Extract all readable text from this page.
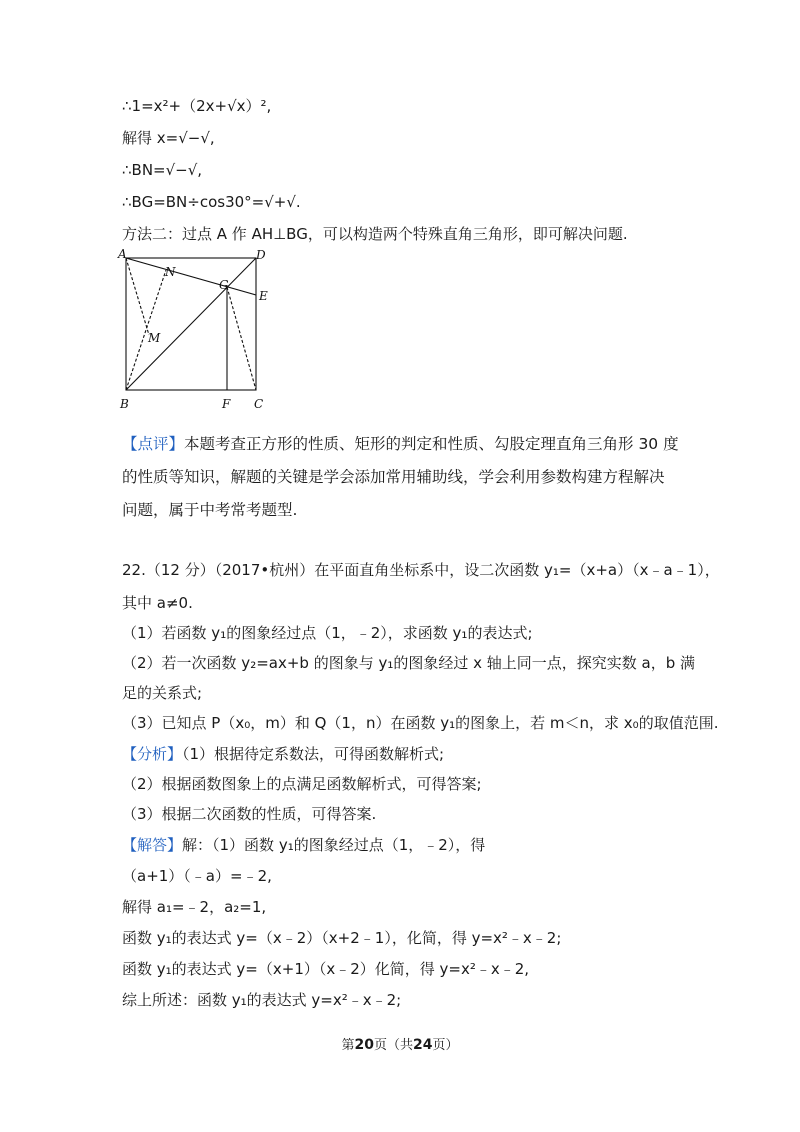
∴1=x²+（2x+√x）²,
解得 x=√−√,
∴BN=√−√,
∴BG=BN÷cos30°=√+√.
方法二：过点 A 作 AH⊥BG，可以构造两个特殊直角三角形，即可解决问题.
A	D
N
G
E
M
B	F C
【点评】本题考查正方形的性质、矩形的判定和性质、勾股定理直角三角形 30 度
的性质等知识，解题的关键是学会添加常用辅助线，学会利用参数构建方程解决
问题，属于中考常考题型.
22.（12 分）（2017•杭州）在平面直角坐标系中，设二次函数 y₁=（x+a）（x﹣a﹣1），
其中 a≠0.
（1）若函数 y₁的图象经过点（1，﹣2），求函数 y₁的表达式;
（2）若一次函数 y₂=ax+b 的图象与 y₁的图象经过 x 轴上同一点，探究实数 a，b 满
足的关系式;
（3）已知点 P（x₀，m）和 Q（1，n）在函数 y₁的图象上，若 m＜n，求 x₀的取值范围.
【分析】（1）根据待定系数法，可得函数解析式;
（2）根据函数图象上的点满足函数解析式，可得答案;
（3）根据二次函数的性质，可得答案.
【解答】解：（1）函数 y₁的图象经过点（1，﹣2），得
（a+1）（﹣a）=﹣2,
解得 a₁=﹣2，a₂=1,
函数 y₁的表达式 y=（x﹣2）（x+2﹣1），化简，得 y=x²﹣x﹣2;
函数 y₁的表达式 y=（x+1）（x﹣2）化简，得 y=x²﹣x﹣2,
综上所述：函数 y₁的表达式 y=x²﹣x﹣2;
第20页（共24页）
